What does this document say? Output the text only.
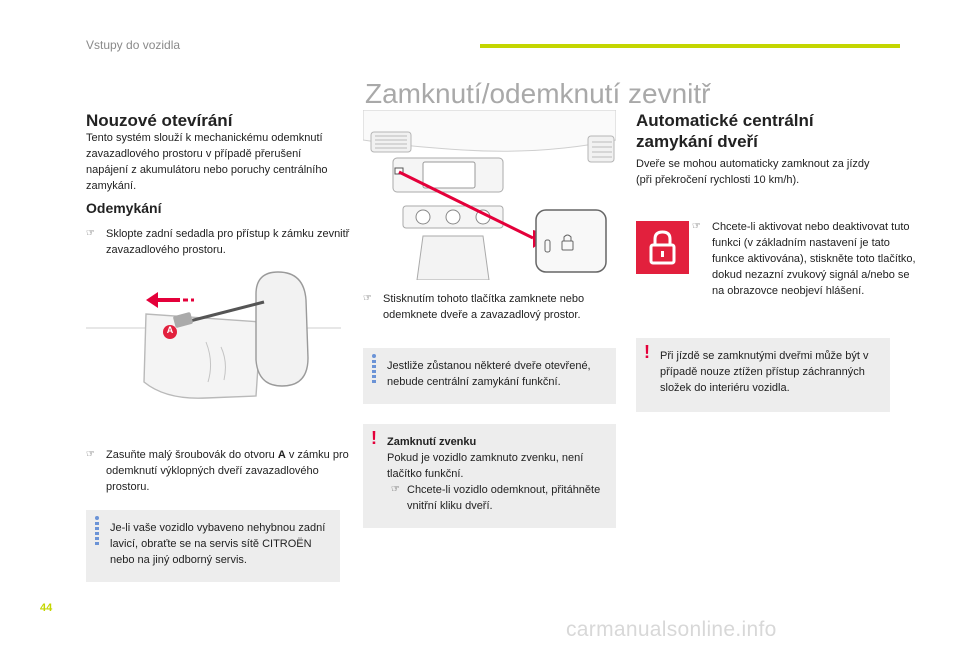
Vstupy do vozidla
Zamknutí/odemknutí zevnitř
Nouzové otevírání
Tento systém slouží k mechanickému odemknutí zavazadlového prostoru v případě přerušení napájení z akumulátoru nebo poruchy centrálního zamykání.
Odemykání
☞ Sklopte zadní sedadla pro přístup k zámku zevnitř zavazadlového prostoru.
A
☞ Zasuňte malý šroubovák do otvoru A v zámku pro odemknutí výklopných dveří zavazadlového prostoru.
Je-li vaše vozidlo vybaveno nehybnou zadní lavicí, obraťte se na servis sítě CITROËN nebo na jiný odborný servis.
☞ Stisknutím tohoto tlačítka zamknete nebo odemknete dveře a zavazadlový prostor.
Jestliže zůstanou některé dveře otevřené, nebude centrální zamykání funkční.
! Zamknutí zvenku
Pokud je vozidlo zamknuto zvenku, není tlačítko funkční.
☞ Chcete-li vozidlo odemknout, přitáhněte vnitřní kliku dveří.
Automatické centrální
zamykání dveří
Dveře se mohou automaticky zamknout za jízdy (při překročení rychlosti 10 km/h).
☞ Chcete-li aktivovat nebo deaktivovat tuto funkci (v základním nastavení je tato funkce aktivována), stiskněte toto tlačítko, dokud nezazní zvukový signál a/nebo se na obrazovce neobjeví hlášení.
! Při jízdě se zamknutými dveřmi může být v případě nouze ztížen přístup záchranných složek do interiéru vozidla.
44
carmanualsonline.info
